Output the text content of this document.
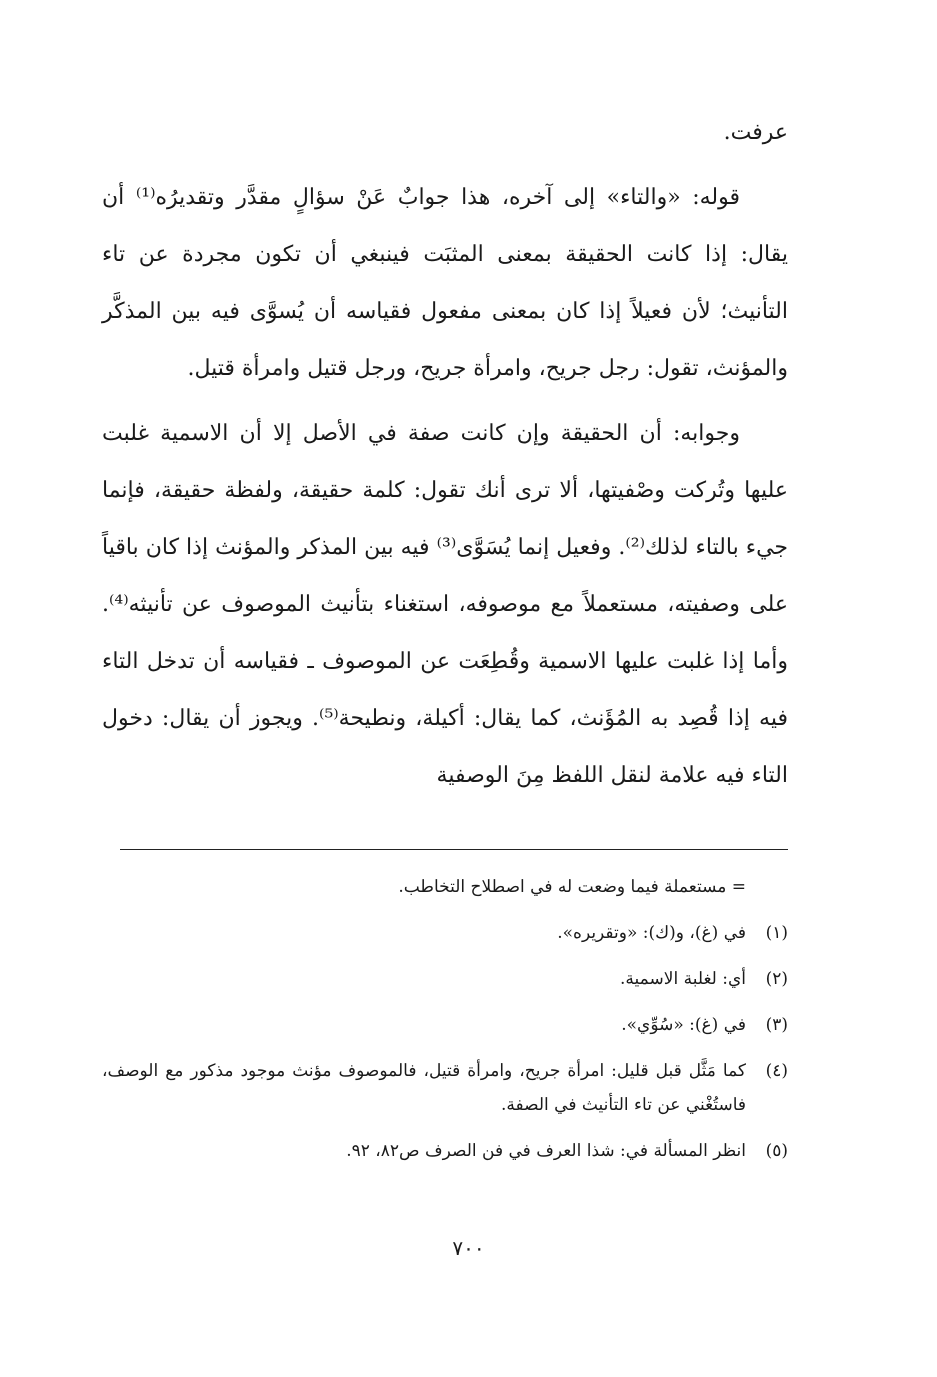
عرفت.

قوله: «والتاء» إلى آخره، هذا جوابٌ عَنْ سؤالٍ مقدَّر وتقديرُه⁽¹⁾ أن يقال: إذا كانت الحقيقة بمعنى المثبَت فينبغي أن تكون مجردة عن تاء التأنيث؛ لأن فعيلاً إذا كان بمعنى مفعول فقياسه أن يُسوَّى فيه بين المذكَّر والمؤنث، تقول: رجل جريح، وامرأة جريح، ورجل قتيل وامرأة قتيل.

وجوابه: أن الحقيقة وإن كانت صفة في الأصل إلا أن الاسمية غلبت عليها وتُركت وصْفيتها، ألا ترى أنك تقول: كلمة حقيقة، ولفظة حقيقة، فإنما جيء بالتاء لذلك⁽²⁾. وفعيل إنما يُسَوَّى⁽³⁾ فيه بين المذكر والمؤنث إذا كان باقياً على وصفيته، مستعملاً مع موصوفه، استغناء بتأنيث الموصوف عن تأنيثه⁽⁴⁾. وأما إذا غلبت عليها الاسمية وقُطِعَت عن الموصوف ـ فقياسه أن تدخل التاء فيه إذا قُصِد به المُؤَنث، كما يقال: أكيلة، ونطيحة⁽⁵⁾. ويجوز أن يقال: دخول التاء فيه علامة لنقل اللفظ مِنَ الوصفية

= مستعملة فيما وضعت له في اصطلاح التخاطب.
(١)
في (غ)، و(ك): «وتقريره».
(٢)
أي: لغلبة الاسمية.
(٣)
في (غ): «سُوِّي».
(٤)
كما مَثَّل قبل قليل: امرأة جريح، وامرأة قتيل، فالموصوف مؤنث موجود مذكور مع الوصف، فاستُغْني عن تاء التأنيث في الصفة.
(٥)
انظر المسألة في: شذا العرف في فن الصرف ص٨٢، ٩٢.
٧٠٠
